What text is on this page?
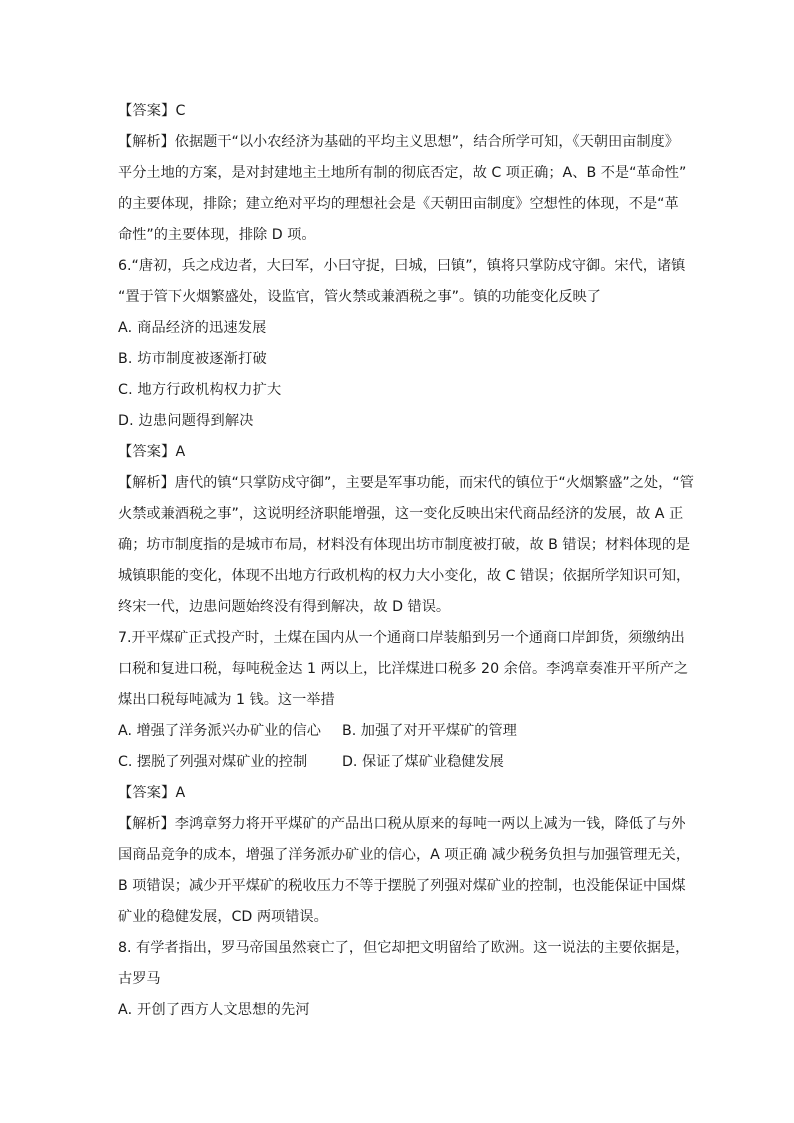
【答案】C
【解析】依据题干“以小农经济为基础的平均主义思想”，结合所学可知，《天朝田亩制度》
平分土地的方案，是对封建地主土地所有制的彻底否定，故 C 项正确；A、B 不是“革命性”
的主要体现，排除；建立绝对平均的理想社会是《天朝田亩制度》空想性的体现，不是“革
命性”的主要体现，排除 D 项。
6.“唐初，兵之戍边者，大曰军，小曰守捉，曰城，曰镇”，镇将只掌防戍守御。宋代，诸镇
“置于管下火烟繁盛处，设监官，管火禁或兼酒税之事”。镇的功能变化反映了
A. 商品经济的迅速发展
B. 坊市制度被逐渐打破
C. 地方行政机构权力扩大
D. 边患问题得到解决
【答案】A
【解析】唐代的镇“只掌防戍守御”，主要是军事功能，而宋代的镇位于“火烟繁盛”之处，“管
火禁或兼酒税之事”，这说明经济职能增强，这一变化反映出宋代商品经济的发展，故 A 正
确；坊市制度指的是城市布局，材料没有体现出坊市制度被打破，故 B 错误；材料体现的是
城镇职能的变化，体现不出地方行政机构的权力大小变化，故 C 错误；依据所学知识可知，
终宋一代，边患问题始终没有得到解决，故 D 错误。
7.开平煤矿正式投产时，土煤在国内从一个通商口岸装船到另一个通商口岸卸货，须缴纳出
口税和复进口税，每吨税金达 1 两以上，比洋煤进口税多 20 余倍。李鸿章奏准开平所产之
煤出口税每吨减为 1 钱。这一举措
A. 增强了洋务派兴办矿业的信心	B. 加强了对开平煤矿的管理
C. 摆脱了列强对煤矿业的控制	D. 保证了煤矿业稳健发展
【答案】A
【解析】李鸿章努力将开平煤矿的产品出口税从原来的每吨一两以上减为一钱，降低了与外
国商品竞争的成本，增强了洋务派办矿业的信心，A 项正确 减少税务负担与加强管理无关，
B 项错误；减少开平煤矿的税收压力不等于摆脱了列强对煤矿业的控制，也没能保证中国煤
矿业的稳健发展，CD 两项错误。
8. 有学者指出，罗马帝国虽然衰亡了，但它却把文明留给了欧洲。这一说法的主要依据是，
古罗马
A. 开创了西方人文思想的先河
